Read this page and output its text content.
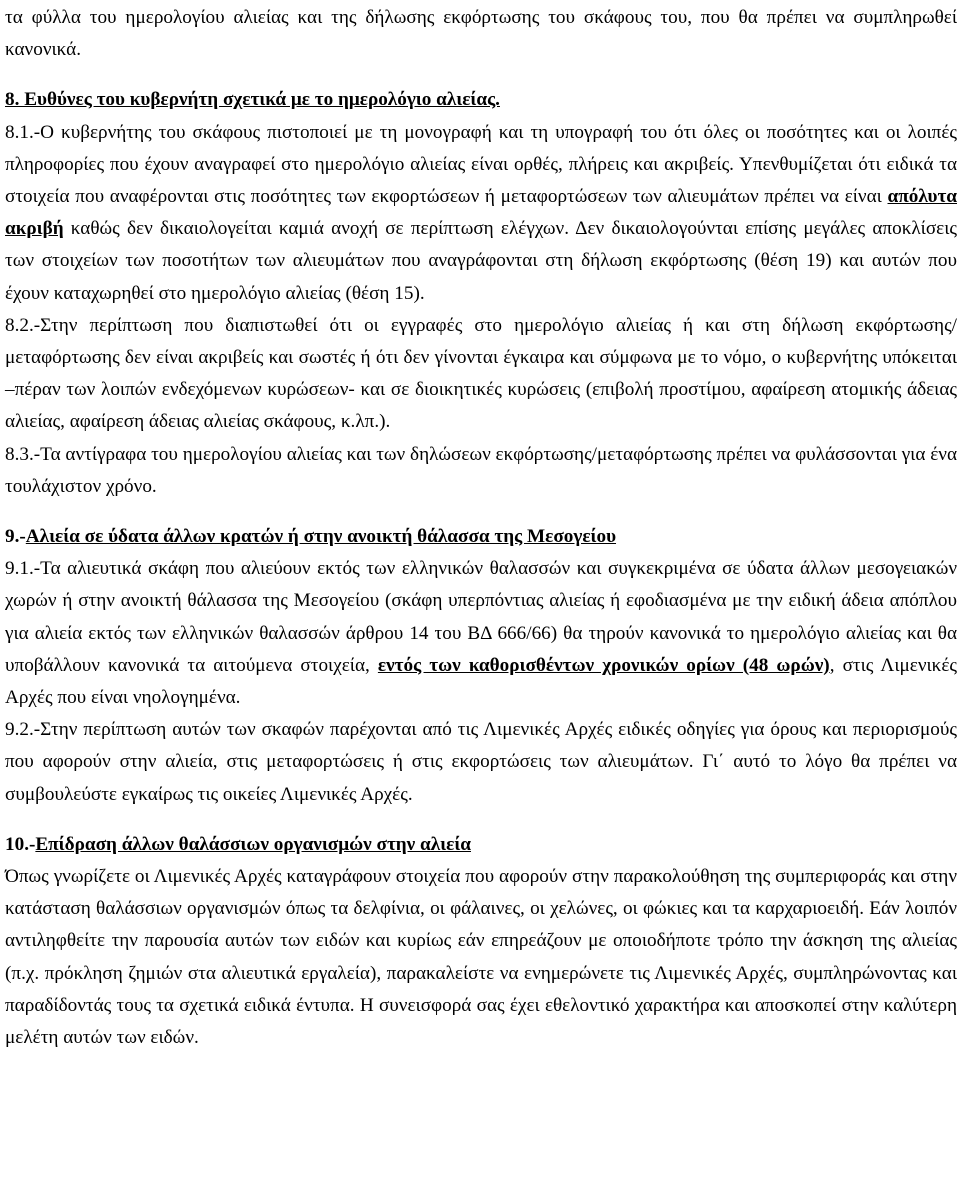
τα φύλλα του ημερολογίου αλιείας και της δήλωσης εκφόρτωσης του σκάφους του, που θα πρέπει να συμπληρωθεί κανονικά.

8. Ευθύνες του κυβερνήτη σχετικά με το ημερολόγιο αλιείας.

8.1.-Ο κυβερνήτης του σκάφους πιστοποιεί με τη μονογραφή και τη υπογραφή του ότι όλες οι ποσότητες και οι λοιπές πληροφορίες που έχουν αναγραφεί στο ημερολόγιο αλιείας είναι ορθές, πλήρεις και ακριβείς. Υπενθυμίζεται ότι ειδικά τα στοιχεία που αναφέρονται στις ποσότητες των εκφορτώσεων ή μεταφορτώσεων των αλιευμάτων πρέπει να είναι απόλυτα ακριβή καθώς δεν δικαιολογείται καμιά ανοχή σε περίπτωση ελέγχων. Δεν δικαιολογούνται επίσης μεγάλες αποκλίσεις των στοιχείων των ποσοτήτων των αλιευμάτων που αναγράφονται στη δήλωση εκφόρτωσης (θέση 19) και αυτών που έχουν καταχωρηθεί στο ημερολόγιο αλιείας (θέση 15).

8.2.-Στην περίπτωση που διαπιστωθεί ότι οι εγγραφές στο ημερολόγιο αλιείας ή και στη δήλωση εκφόρτωσης/μεταφόρτωσης δεν είναι ακριβείς και σωστές ή ότι δεν γίνονται έγκαιρα και σύμφωνα με το νόμο, ο κυβερνήτης υπόκειται –πέραν των λοιπών ενδεχόμενων κυρώσεων- και σε διοικητικές κυρώσεις (επιβολή προστίμου, αφαίρεση ατομικής άδειας αλιείας, αφαίρεση άδειας αλιείας σκάφους, κ.λπ.).

8.3.-Τα αντίγραφα του ημερολογίου αλιείας και των δηλώσεων εκφόρτωσης/μεταφόρτωσης πρέπει να φυλάσσονται για ένα τουλάχιστον χρόνο.

9.-Αλιεία σε ύδατα άλλων κρατών ή στην ανοικτή θάλασσα της Μεσογείου

9.1.-Τα αλιευτικά σκάφη που αλιεύουν εκτός των ελληνικών θαλασσών και συγκεκριμένα σε ύδατα άλλων μεσογειακών χωρών ή στην ανοικτή θάλασσα της Μεσογείου (σκάφη υπερπόντιας αλιείας ή εφοδιασμένα με την ειδική άδεια απόπλου για αλιεία εκτός των ελληνικών θαλασσών άρθρου 14 του ΒΔ 666/66) θα τηρούν κανονικά το ημερολόγιο αλιείας και θα υποβάλλουν κανονικά τα αιτούμενα στοιχεία, εντός των καθορισθέντων χρονικών ορίων (48 ωρών), στις Λιμενικές Αρχές που είναι νηολογημένα.

9.2.-Στην περίπτωση αυτών των σκαφών παρέχονται από τις Λιμενικές Αρχές ειδικές οδηγίες για όρους και περιορισμούς που αφορούν στην αλιεία, στις μεταφορτώσεις ή στις εκφορτώσεις των αλιευμάτων. Γι΄ αυτό το λόγο θα πρέπει να συμβουλεύστε εγκαίρως τις οικείες Λιμενικές Αρχές.

10.-Επίδραση άλλων θαλάσσιων οργανισμών στην αλιεία

Όπως γνωρίζετε οι Λιμενικές Αρχές καταγράφουν στοιχεία που αφορούν στην παρακολούθηση της συμπεριφοράς και στην κατάσταση θαλάσσιων οργανισμών όπως τα δελφίνια, οι φάλαινες, οι χελώνες, οι φώκιες και τα καρχαριοειδή. Εάν λοιπόν αντιληφθείτε την παρουσία αυτών των ειδών και κυρίως εάν επηρεάζουν με οποιοδήποτε τρόπο την άσκηση της αλιείας (π.χ. πρόκληση ζημιών στα αλιευτικά εργαλεία), παρακαλείστε να ενημερώνετε τις Λιμενικές Αρχές, συμπληρώνοντας και παραδίδοντάς τους τα σχετικά ειδικά έντυπα. Η συνεισφορά σας έχει εθελοντικό χαρακτήρα και αποσκοπεί στην καλύτερη μελέτη αυτών των ειδών.
